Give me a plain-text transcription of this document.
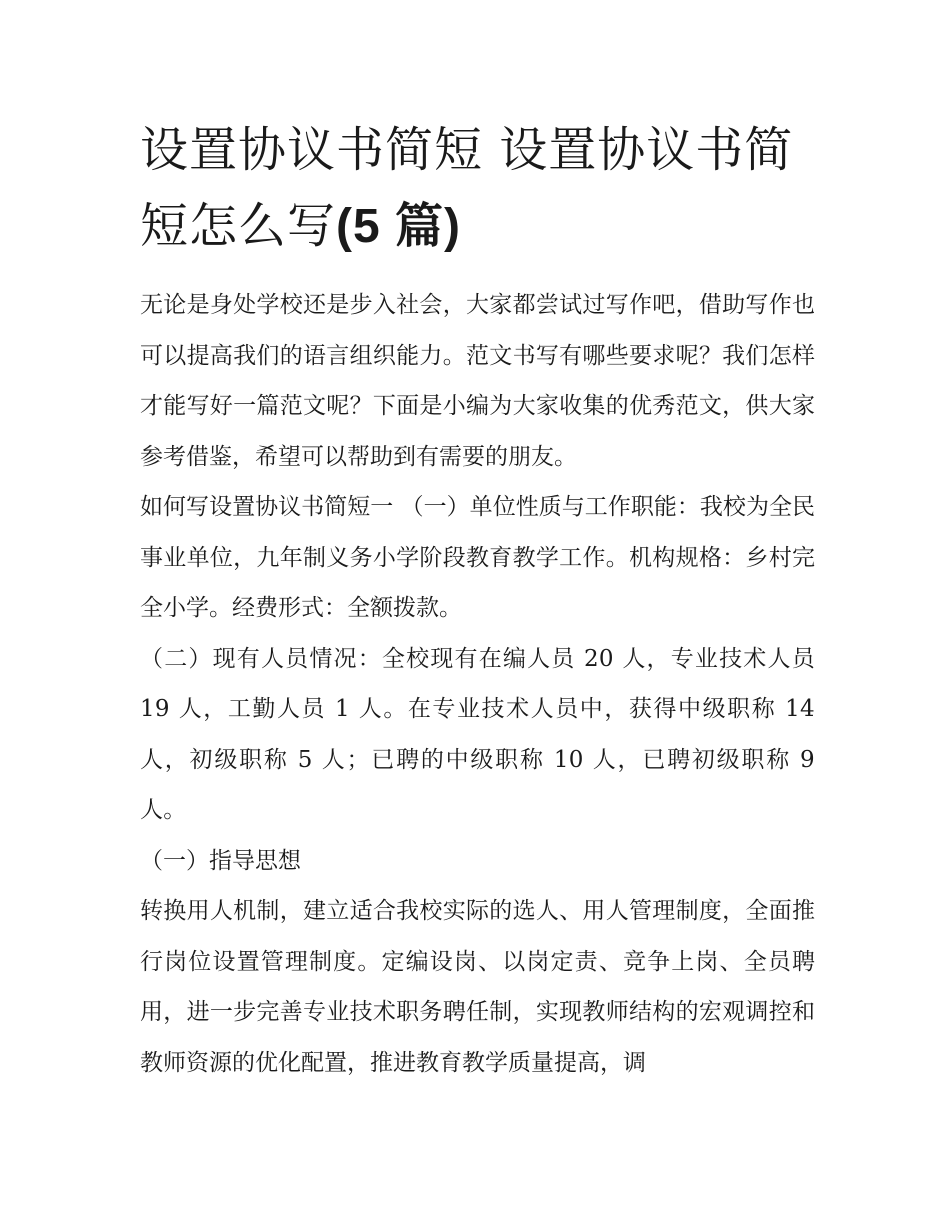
设置协议书简短 设置协议书简短怎么写(5 篇)

无论是身处学校还是步入社会，大家都尝试过写作吧，借助写作也可以提高我们的语言组织能力。范文书写有哪些要求呢？我们怎样才能写好一篇范文呢？下面是小编为大家收集的优秀范文，供大家参考借鉴，希望可以帮助到有需要的朋友。

如何写设置协议书简短一 （一）单位性质与工作职能：我校为全民事业单位，九年制义务小学阶段教育教学工作。机构规格：乡村完全小学。经费形式：全额拨款。

（二）现有人员情况：全校现有在编人员 20 人，专业技术人员 19 人，工勤人员 1 人。在专业技术人员中，获得中级职称 14 人，初级职称 5 人；已聘的中级职称 10 人，已聘初级职称 9 人。

（一）指导思想

转换用人机制，建立适合我校实际的选人、用人管理制度，全面推行岗位设置管理制度。定编设岗、以岗定责、竞争上岗、全员聘用，进一步完善专业技术职务聘任制，实现教师结构的宏观调控和教师资源的优化配置，推进教育教学质量提高，调
